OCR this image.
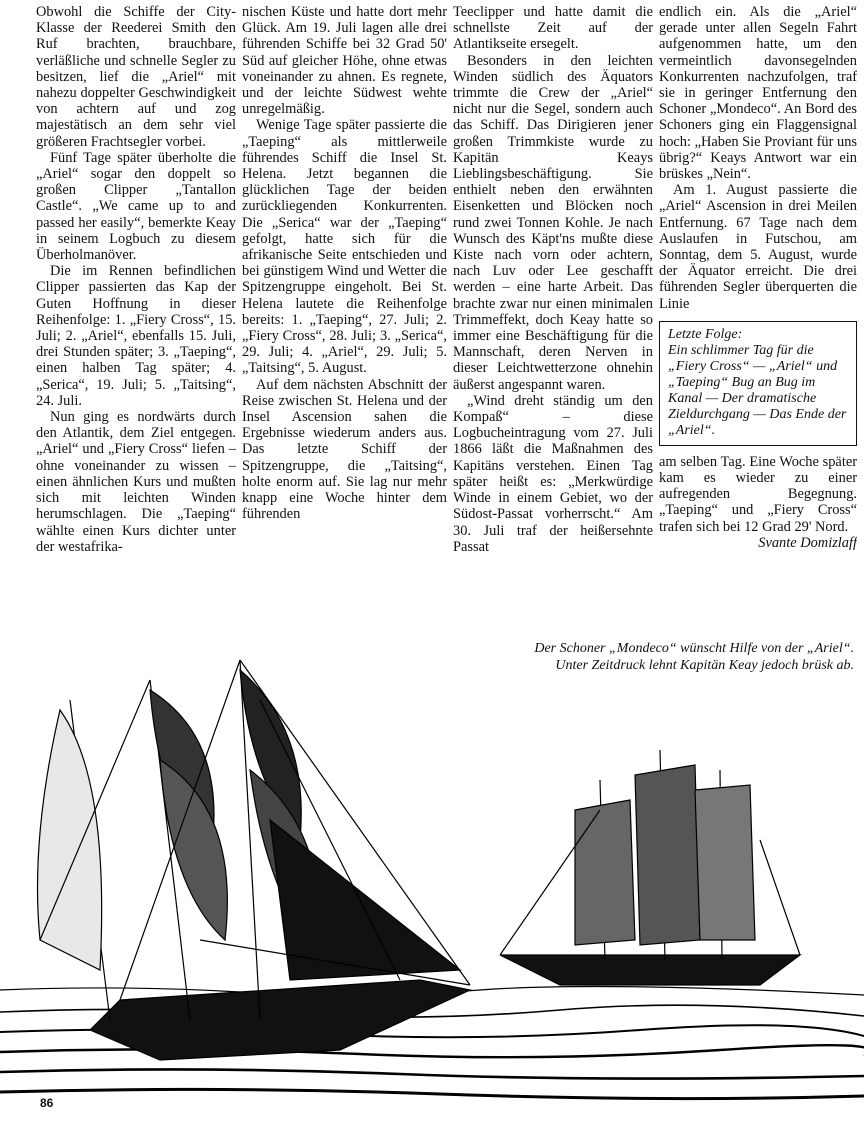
Obwohl die Schiffe der City-Klasse der Reederei Smith den Ruf brachten, brauchbare, verläßliche und schnelle Segler zu besitzen, lief die „Ariel“ mit nahezu doppelter Geschwindigkeit von achtern auf und zog majestätisch an dem sehr viel größeren Frachtsegler vorbei.

Fünf Tage später überholte die „Ariel“ sogar den doppelt so großen Clipper „Tantallon Castle“. „We came up to and passed her easily“, bemerkte Keay in seinem Logbuch zu diesem Überholmanöver.

Die im Rennen befindlichen Clipper passierten das Kap der Guten Hoffnung in dieser Reihenfolge: 1. „Fiery Cross“, 15. Juli; 2. „Ariel“, ebenfalls 15. Juli, drei Stunden später; 3. „Taeping“, einen halben Tag später; 4. „Serica“, 19. Juli; 5. „Taitsing“, 24. Juli.

Nun ging es nordwärts durch den Atlantik, dem Ziel entgegen. „Ariel“ und „Fiery Cross“ liefen – ohne voneinander zu wissen – einen ähnlichen Kurs und mußten sich mit leichten Winden herumschlagen. Die „Taeping“ wählte einen Kurs dichter unter der westafrika-

nischen Küste und hatte dort mehr Glück. Am 19. Juli lagen alle drei führenden Schiffe bei 32 Grad 50' Süd auf gleicher Höhe, ohne etwas voneinander zu ahnen. Es regnete, und der leichte Südwest wehte unregelmäßig.

Wenige Tage später passierte die „Taeping“ als mittlerweile führendes Schiff die Insel St. Helena. Jetzt begannen die glücklichen Tage der beiden zurückliegenden Konkurrenten. Die „Serica“ war der „Taeping“ gefolgt, hatte sich für die afrikanische Seite entschieden und bei günstigem Wind und Wetter die Spitzengruppe eingeholt. Bei St. Helena lautete die Reihenfolge bereits: 1. „Taeping“, 27. Juli; 2. „Fiery Cross“, 28. Juli; 3. „Serica“, 29. Juli; 4. „Ariel“, 29. Juli; 5. „Taitsing“, 5. August.

Auf dem nächsten Abschnitt der Reise zwischen St. Helena und der Insel Ascension sahen die Ergebnisse wiederum anders aus. Das letzte Schiff der Spitzengruppe, die „Taitsing“, holte enorm auf. Sie lag nur mehr knapp eine Woche hinter dem führenden

Teeclipper und hatte damit die schnellste Zeit auf der Atlantikseite ersegelt.

Besonders in den leichten Winden südlich des Äquators trimmte die Crew der „Ariel“ nicht nur die Segel, sondern auch das Schiff. Das Dirigieren jener großen Trimmkiste wurde zu Kapitän Keays Lieblingsbeschäftigung. Sie enthielt neben den erwähnten Eisenketten und Blöcken noch rund zwei Tonnen Kohle. Je nach Wunsch des Käpt'ns mußte diese Kiste nach vorn oder achtern, nach Luv oder Lee geschafft werden – eine harte Arbeit. Das brachte zwar nur einen minimalen Trimmeffekt, doch Keay hatte so immer eine Beschäftigung für die Mannschaft, deren Nerven in dieser Leichtwetterzone ohnehin äußerst angespannt waren.

„Wind dreht ständig um den Kompaß“ – diese Logbucheintragung vom 27. Juli 1866 läßt die Maßnahmen des Kapitäns verstehen. Einen Tag später heißt es: „Merkwürdige Winde in einem Gebiet, wo der Südost-Passat vorherrscht.“ Am 30. Juli traf der heißersehnte Passat

endlich ein. Als die „Ariel“ gerade unter allen Segeln Fahrt aufgenommen hatte, um den vermeintlich davonsegelnden Konkurrenten nachzufolgen, traf sie in geringer Entfernung den Schoner „Mondeco“. An Bord des Schoners ging ein Flaggensignal hoch: „Haben Sie Proviant für uns übrig?“ Keays Antwort war ein brüskes „Nein“.

Am 1. August passierte die „Ariel“ Ascension in drei Meilen Entfernung. 67 Tage nach dem Auslaufen in Futschou, am Sonntag, dem 5. August, wurde der Äquator erreicht. Die drei führenden Segler überquerten die Linie

Letzte Folge:
Ein schlimmer Tag für die „Fiery Cross“ — „Ariel“ und „Taeping“ Bug an Bug im Kanal — Der dramatische Zieldurchgang — Das Ende der „Ariel“.

am selben Tag. Eine Woche später kam es wieder zu einer aufregenden Begegnung. „Taeping“ und „Fiery Cross“ trafen sich bei 12 Grad 29' Nord.
Svante Domizlaff

Der Schoner „Mondeco“ wünscht Hilfe von der „Ariel“.
Unter Zeitdruck lehnt Kapitän Keay jedoch brüsk ab.
86
